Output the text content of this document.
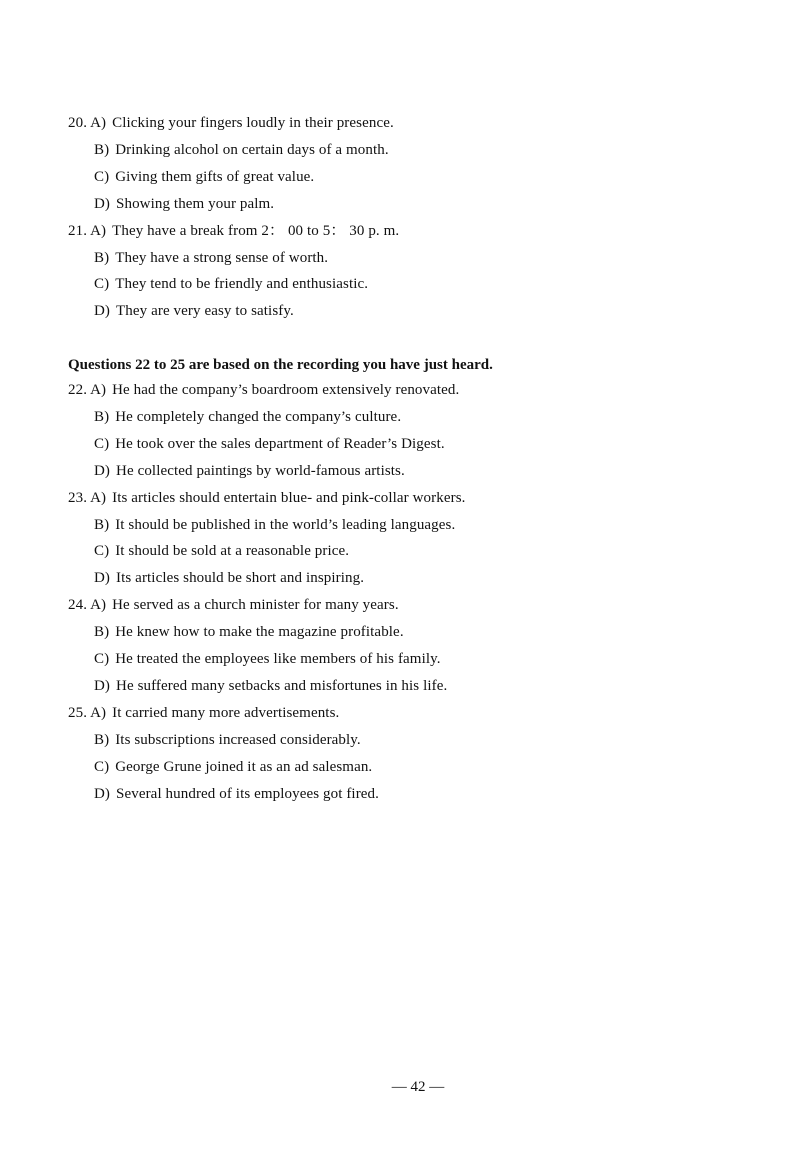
20. A) Clicking your fingers loudly in their presence.
B) Drinking alcohol on certain days of a month.
C) Giving them gifts of great value.
D) Showing them your palm.
21. A) They have a break from 2： 00 to 5： 30 p. m.
B) They have a strong sense of worth.
C) They tend to be friendly and enthusiastic.
D) They are very easy to satisfy.
Questions 22 to 25 are based on the recording you have just heard.
22. A) He had the company’s boardroom extensively renovated.
B) He completely changed the company’s culture.
C) He took over the sales department of Reader’s Digest.
D) He collected paintings by world-famous artists.
23. A) Its articles should entertain blue- and pink-collar workers.
B) It should be published in the world’s leading languages.
C) It should be sold at a reasonable price.
D) Its articles should be short and inspiring.
24. A) He served as a church minister for many years.
B) He knew how to make the magazine profitable.
C) He treated the employees like members of his family.
D) He suffered many setbacks and misfortunes in his life.
25. A) It carried many more advertisements.
B) Its subscriptions increased considerably.
C) George Grune joined it as an ad salesman.
D) Several hundred of its employees got fired.
— 42 —
